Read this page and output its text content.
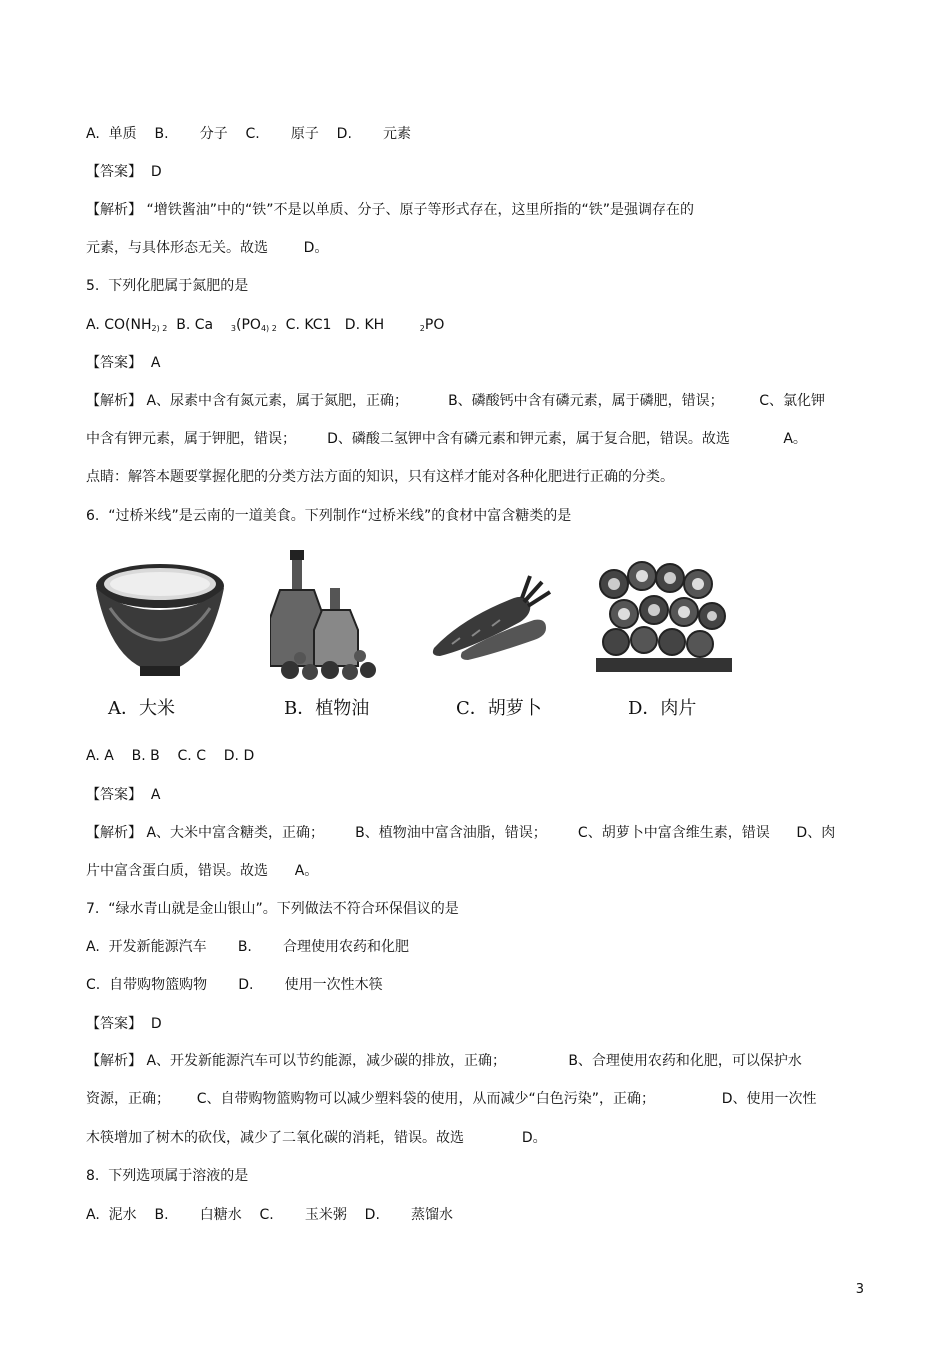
A.  单质    B.       分子    C.       原子    D.       元素
【答案】  D
【解析】 “增铁酱油”中的“铁”不是以单质、分子、原子等形式存在，这里所指的“铁”是强调存在的
元素，与具体形态无关。故选        D。
5.  下列化肥属于氮肥的是
A. $CO(NH_{2) 2}$  B. Ca    $_3(PO_{4) 2}$  C. KC1   D. KH        $_2$PO
【答案】  A
【解析】 A、尿素中含有氮元素，属于氮肥，正确；         B、磷酸钙中含有磷元素，属于磷肥，错误；        C、氯化钾
中含有钾元素，属于钾肥，错误；       D、磷酸二氢钾中含有磷元素和钾元素，属于复合肥，错误。故选            A。
点睛：解答本题要掌握化肥的分类方法方面的知识，只有这样才能对各种化肥进行正确的分类。
6.  “过桥米线”是云南的一道美食。下列制作“过桥米线”的食材中富含糖类的是
A．大米	B．植物油	C．胡萝卜	D．肉片
A. A    B. B    C. C    D. D
【答案】  A
【解析】 A、大米中富含糖类，正确；       B、植物油中富含油脂，错误；       C、胡萝卜中富含维生素，错误      D、肉
片中富含蛋白质，错误。故选      A。
7.  “绿水青山就是金山银山”。下列做法不符合环保倡议的是
A.  开发新能源汽车       B.       合理使用农药和化肥
C.  自带购物篮购物       D.       使用一次性木筷
【答案】  D
【解析】 A、开发新能源汽车可以节约能源，减少碳的排放，正确；              B、合理使用农药和化肥，可以保护水
资源，正确；      C、自带购物篮购物可以减少塑料袋的使用，从而减少“白色污染”，正确；               D、使用一次性
木筷增加了树木的砍伐，减少了二氧化碳的消耗，错误。故选             D。
8.  下列选项属于溶液的是
A.  泥水    B.       白糖水    C.       玉米粥    D.       蒸馏水
3
